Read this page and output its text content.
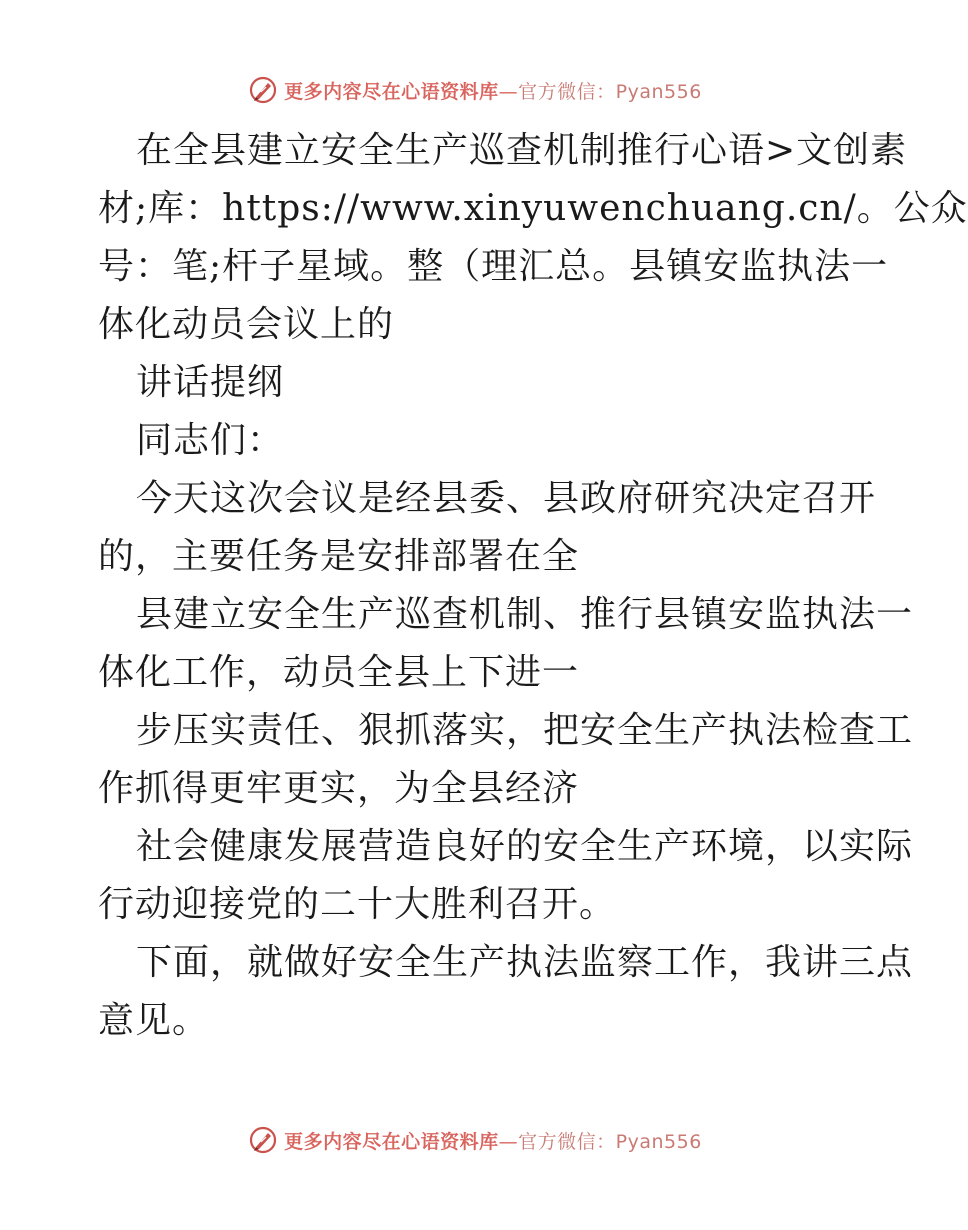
更多内容尽在心语资料库—官方微信：Pyan556
在全县建立安全生产巡查机制推行心语>文创素
材;库：https://www.xinyuwenchuang.cn/。公众
号：笔;杆子星域。整（理汇总。县镇安监执法一
体化动员会议上的
讲话提纲
同志们：
今天这次会议是经县委、县政府研究决定召开
的，主要任务是安排部署在全
县建立安全生产巡查机制、推行县镇安监执法一
体化工作，动员全县上下进一
步压实责任、狠抓落实，把安全生产执法检查工
作抓得更牢更实，为全县经济
社会健康发展营造良好的安全生产环境，以实际
行动迎接党的二十大胜利召开。
下面，就做好安全生产执法监察工作，我讲三点
意见。
更多内容尽在心语资料库—官方微信：Pyan556
